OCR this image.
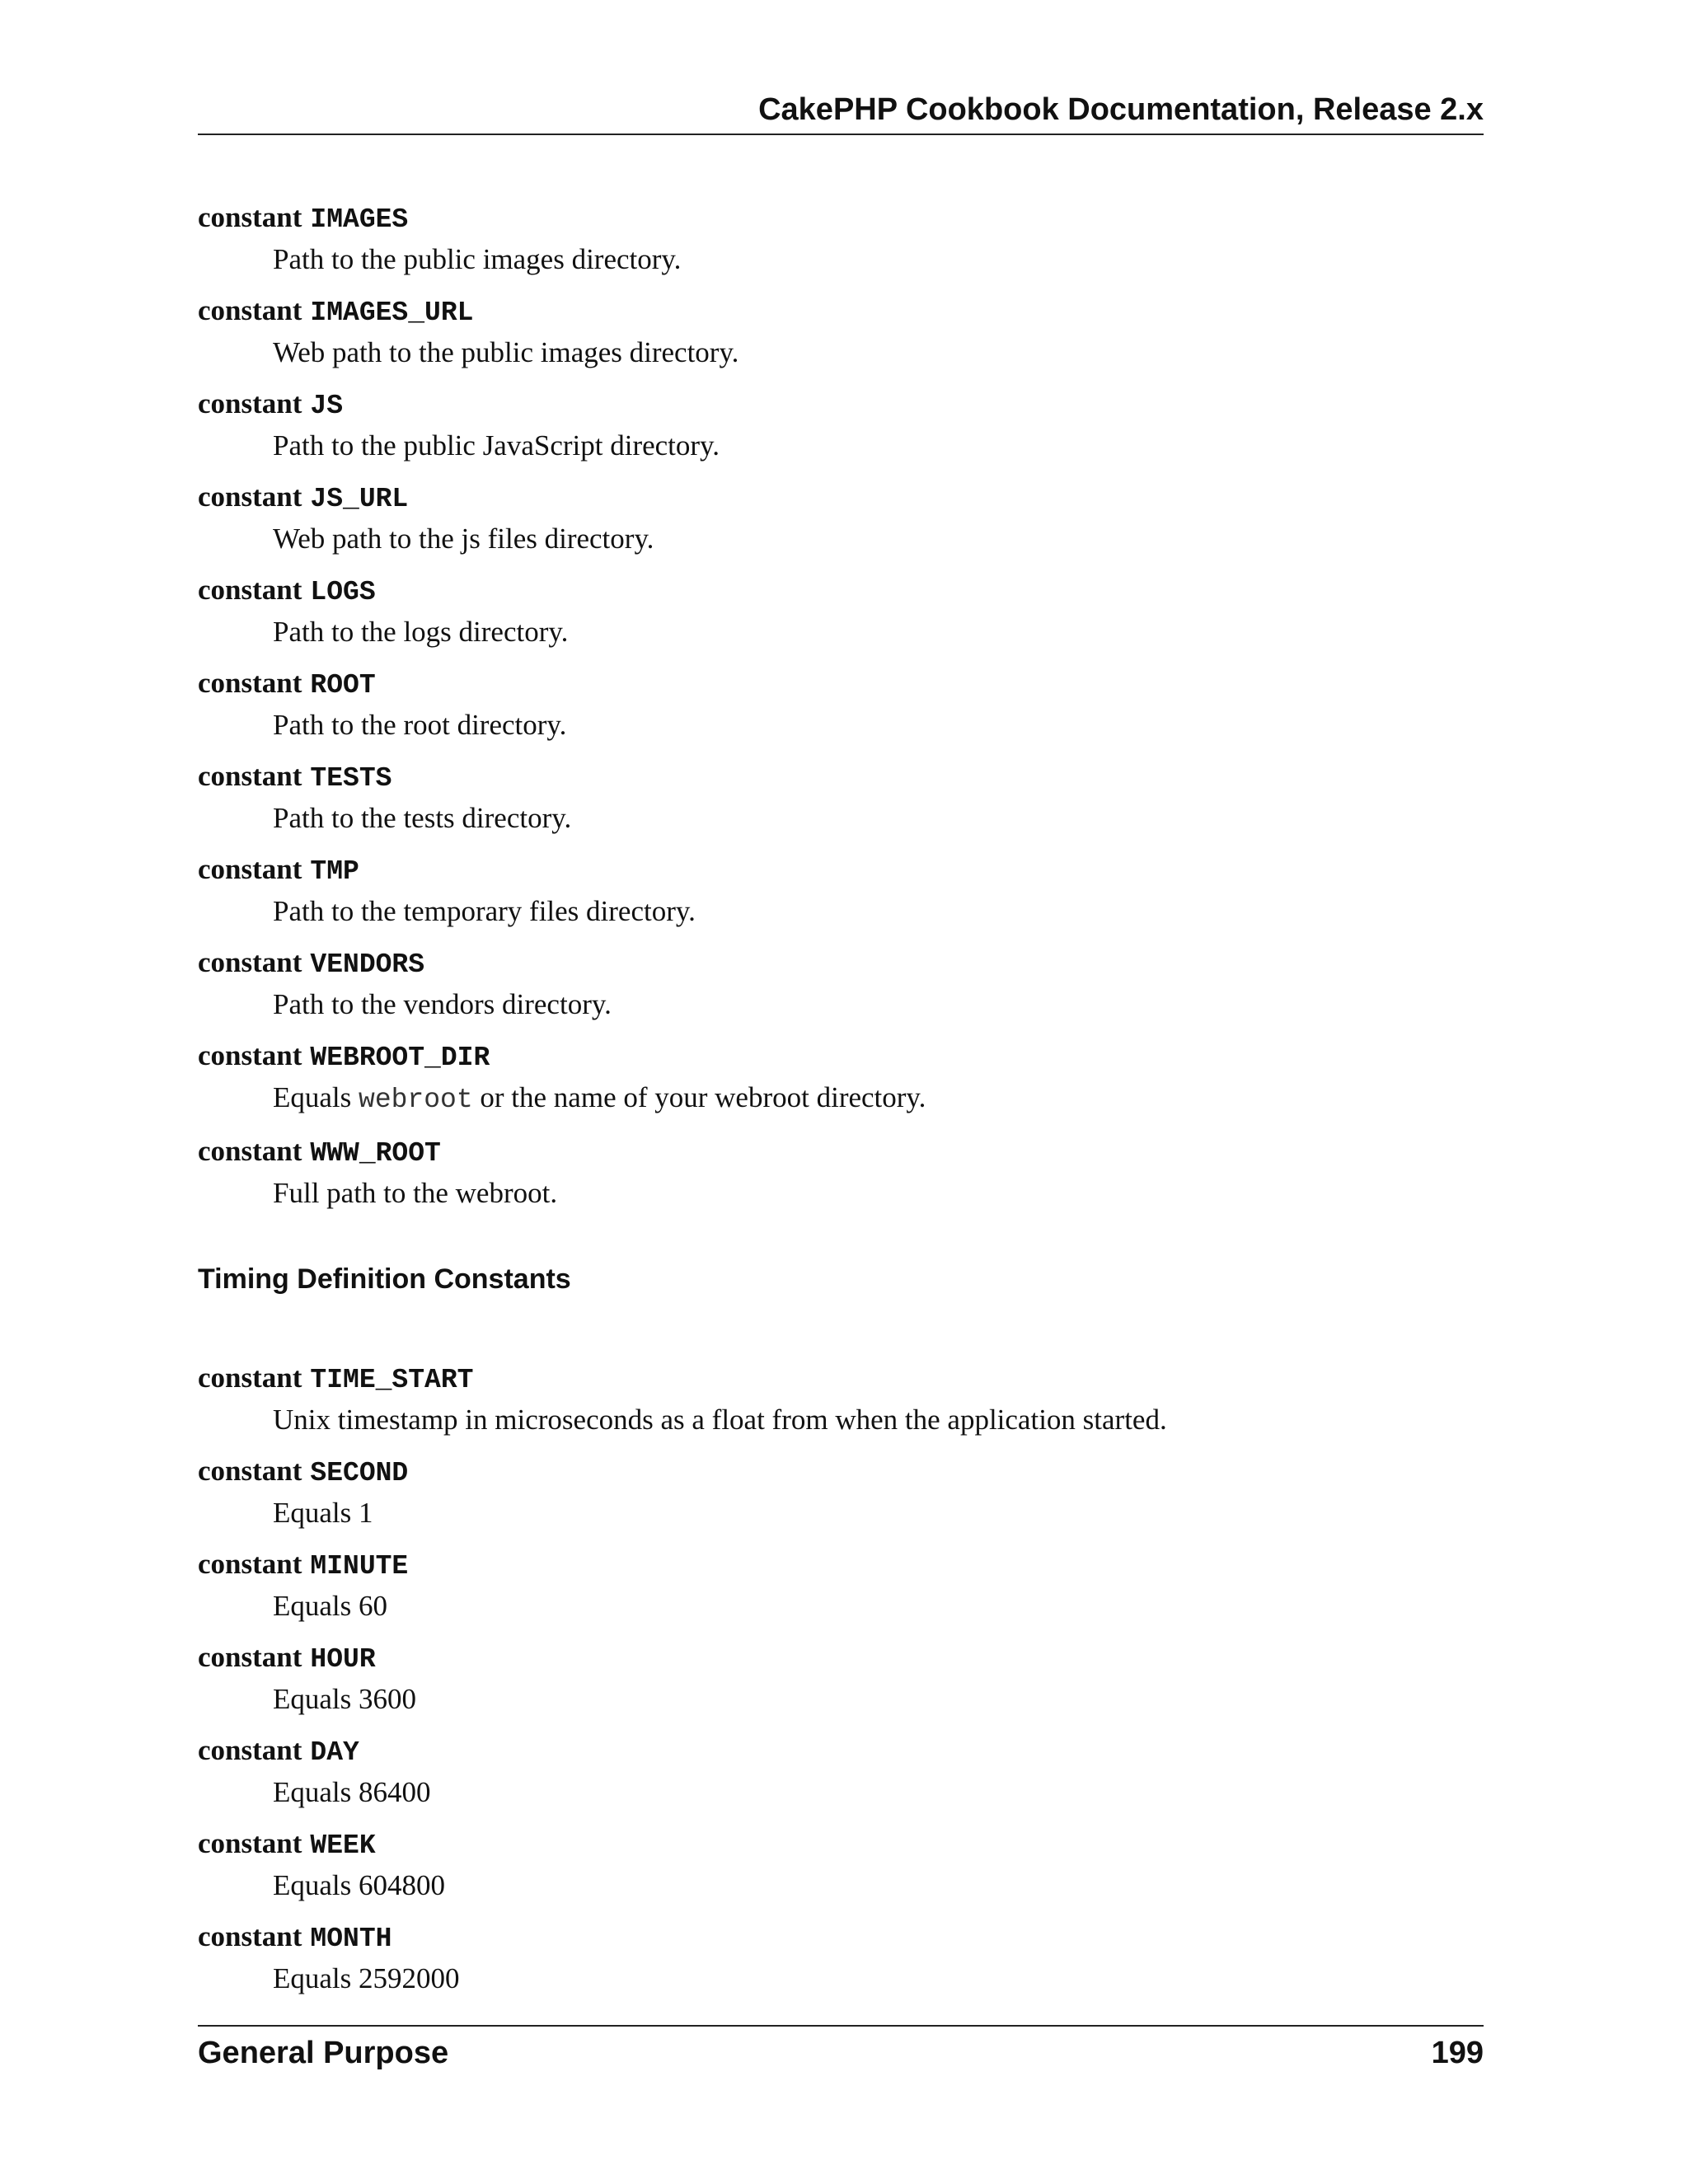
CakePHP Cookbook Documentation, Release 2.x
constant IMAGES
Path to the public images directory.
constant IMAGES_URL
Web path to the public images directory.
constant JS
Path to the public JavaScript directory.
constant JS_URL
Web path to the js files directory.
constant LOGS
Path to the logs directory.
constant ROOT
Path to the root directory.
constant TESTS
Path to the tests directory.
constant TMP
Path to the temporary files directory.
constant VENDORS
Path to the vendors directory.
constant WEBROOT_DIR
Equals webroot or the name of your webroot directory.
constant WWW_ROOT
Full path to the webroot.
Timing Definition Constants
constant TIME_START
Unix timestamp in microseconds as a float from when the application started.
constant SECOND
Equals 1
constant MINUTE
Equals 60
constant HOUR
Equals 3600
constant DAY
Equals 86400
constant WEEK
Equals 604800
constant MONTH
Equals 2592000
General Purpose	199
